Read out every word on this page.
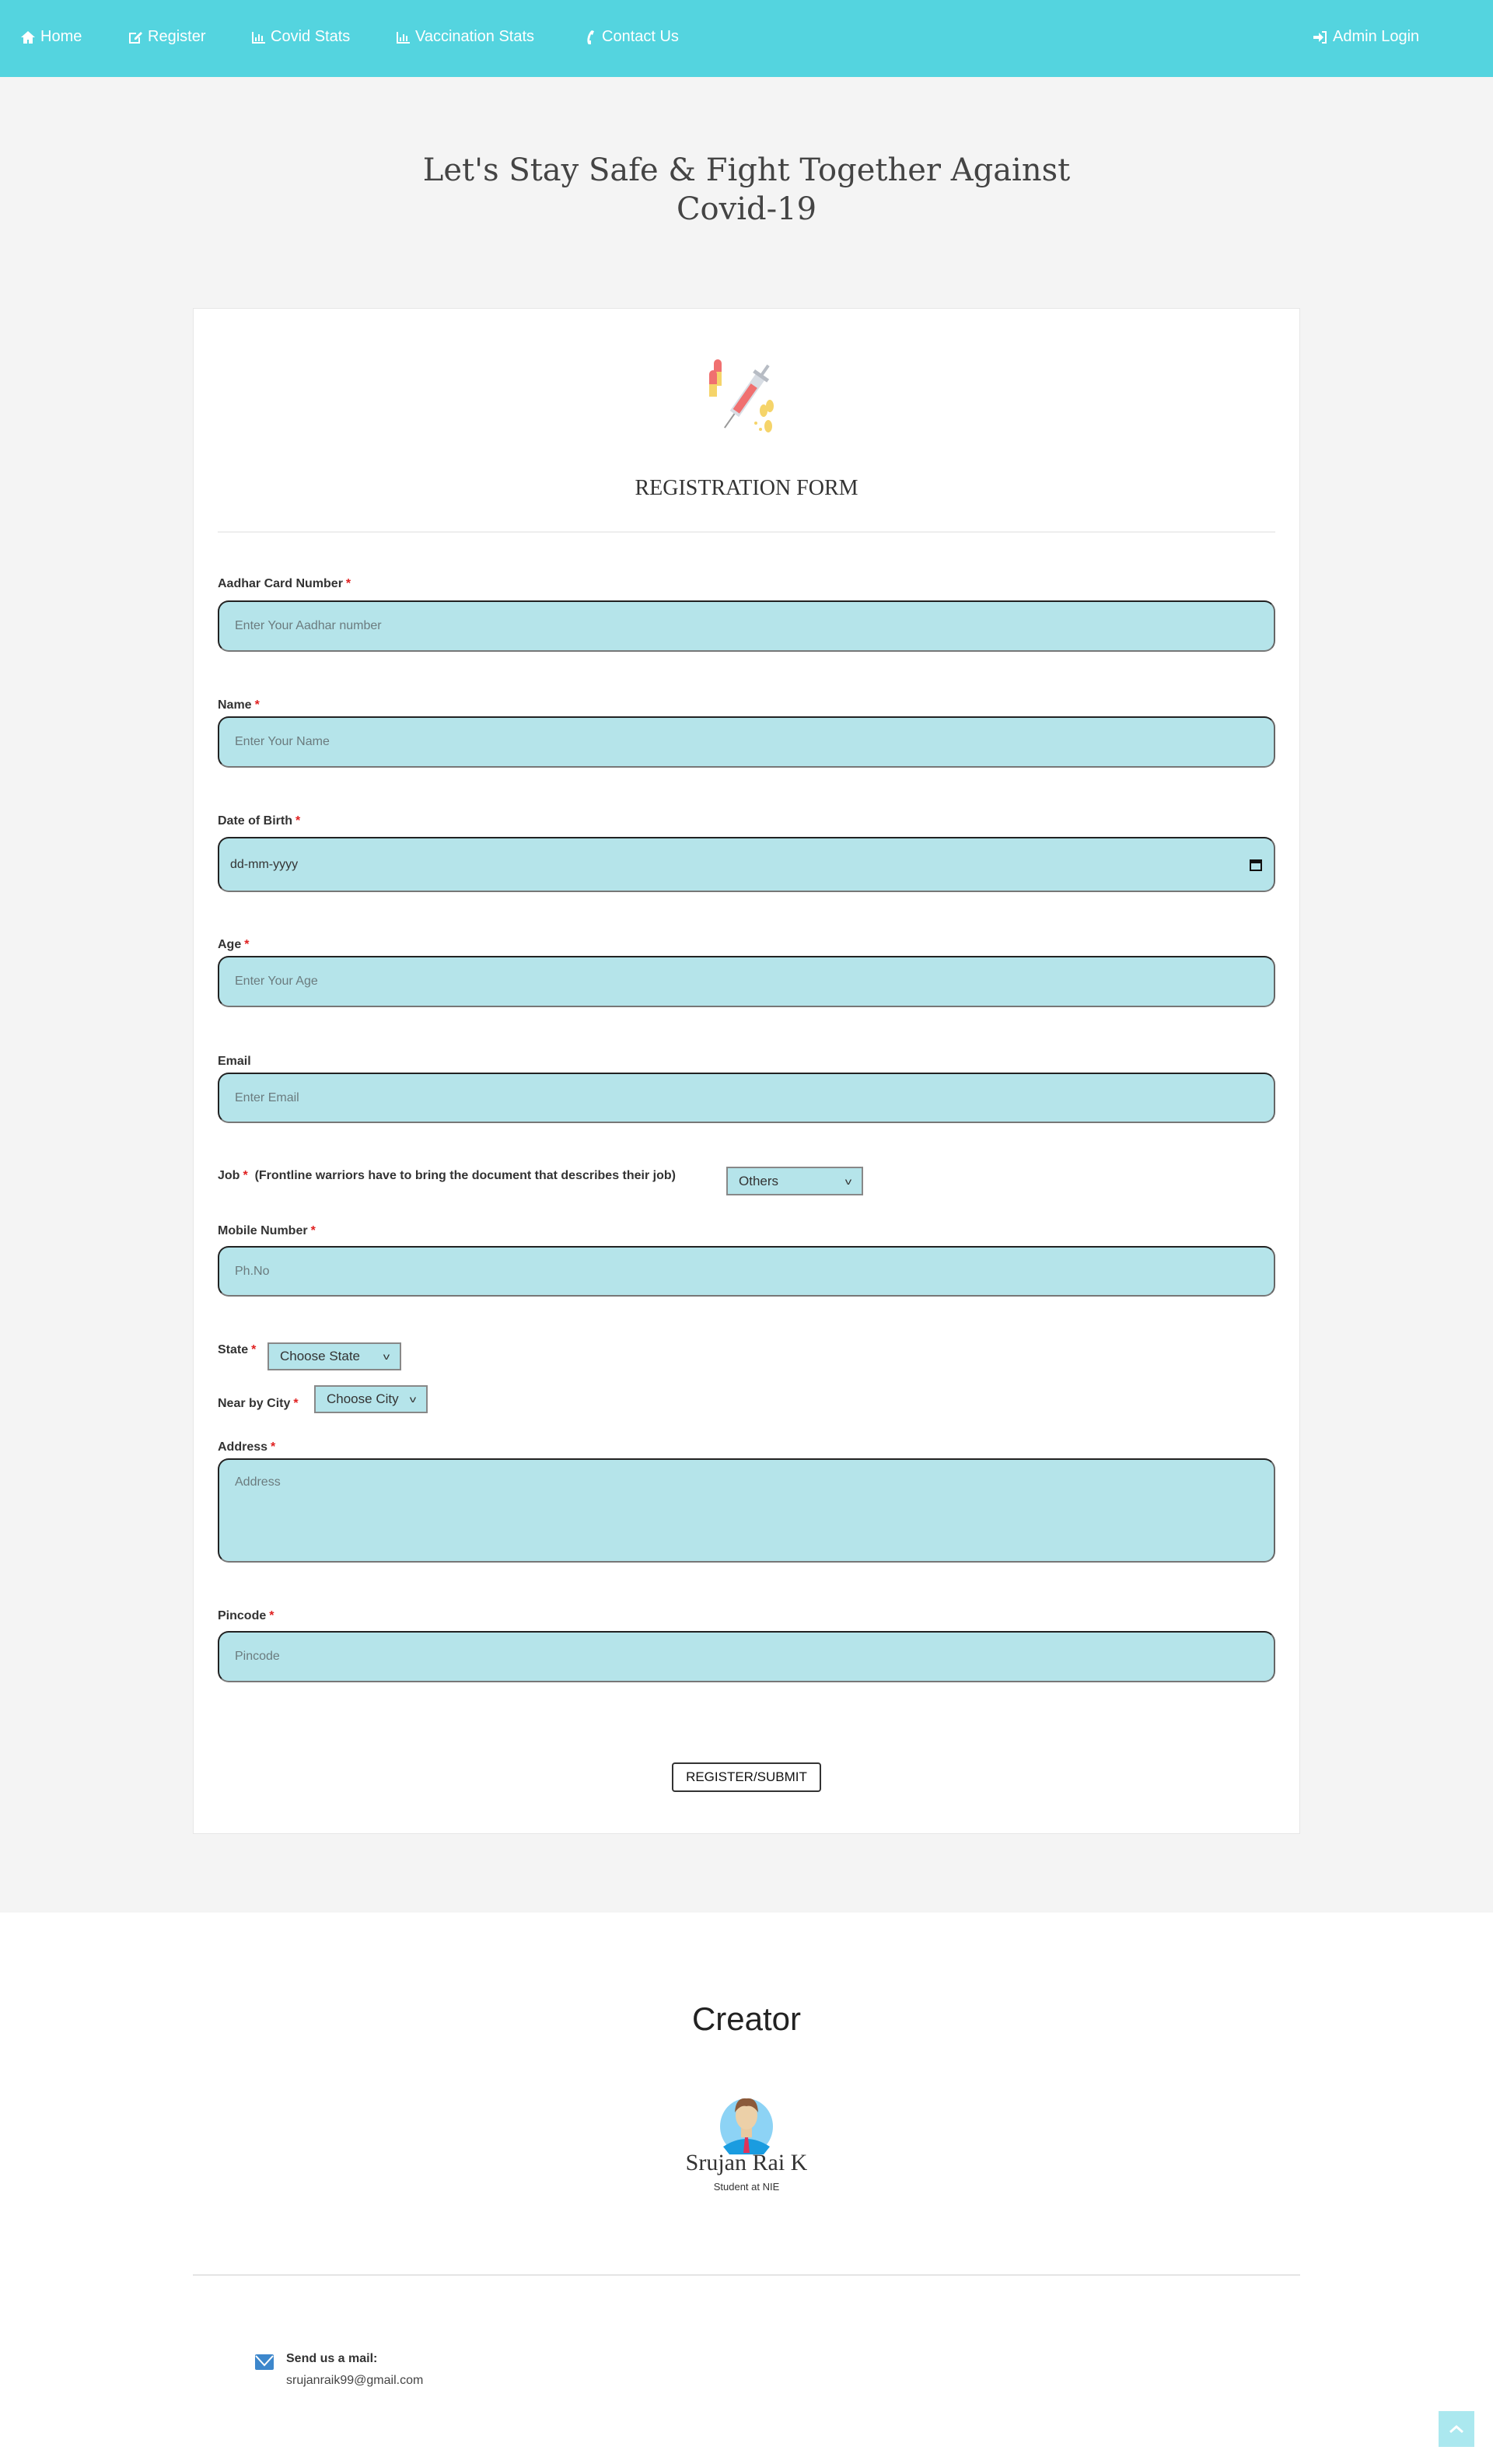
Home	Register	Covid Stats	Vaccination Stats	Contact Us	Admin Login
Let's Stay Safe & Fight Together Against
Covid-19
REGISTRATION FORM
Aadhar Card Number *
Enter Your Aadhar number
Name *
Enter Your Name
Date of Birth *
dd-mm-yyyy
Age *
Enter Your Age
Email
Enter Email
Job * (Frontline warriors have to bring the document that describes their job)	Others	v
Mobile Number *
Ph.No
State * Choose State v
Near by City * Choose City v
Address *
Address
Pincode *
Pincode
REGISTER/SUBMIT
Creator
Srujan Rai K
Student at NIE
Send us a mail:
srujanraik99@gmail.com
